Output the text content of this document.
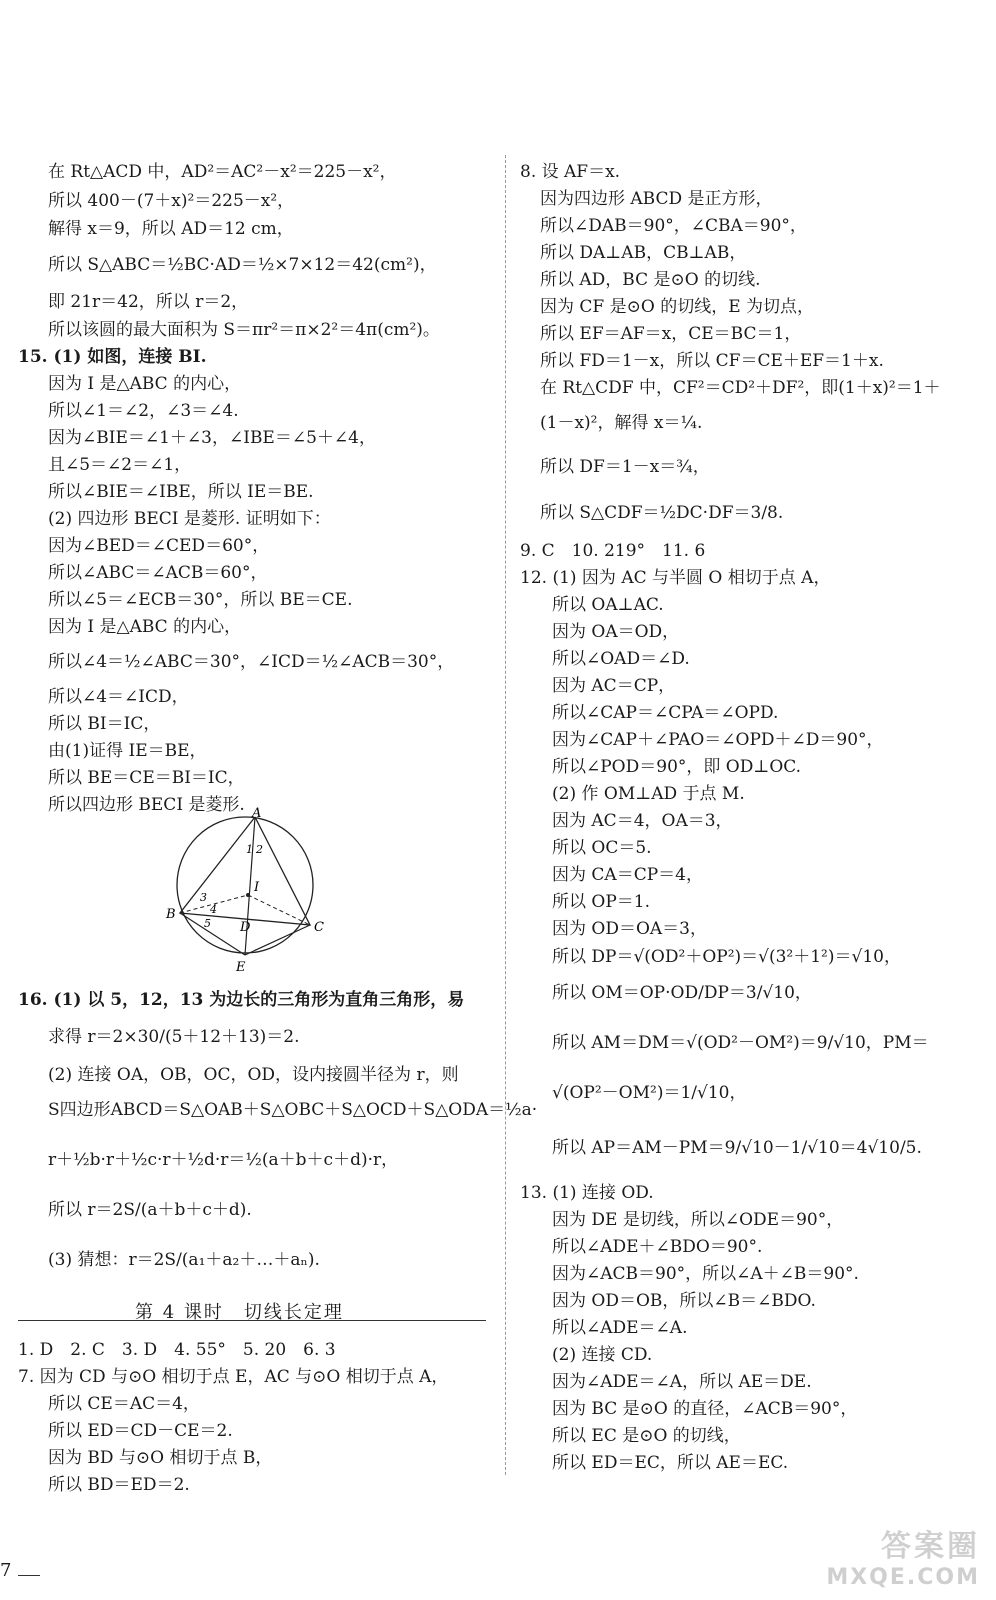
在 Rt△ACD 中，AD²＝AC²－x²＝225－x²，
所以 400－(7＋x)²＝225－x²，
解得 x＝9，所以 AD＝12 cm，
所以 S△ABC＝½BC·AD＝½×7×12＝42(cm²)，
即 21r＝42，所以 r＝2，
所以该圆的最大面积为 S＝πr²＝π×2²＝4π(cm²)。
15. (1) 如图，连接 BI.
因为 I 是△ABC 的内心，
所以∠1＝∠2，∠3＝∠4.
因为∠BIE＝∠1＋∠3，∠IBE＝∠5＋∠4，
且∠5＝∠2＝∠1，
所以∠BIE＝∠IBE，所以 IE＝BE.
(2) 四边形 BECI 是菱形. 证明如下：
因为∠BED＝∠CED＝60°，
所以∠ABC＝∠ACB＝60°，
所以∠5＝∠ECB＝30°，所以 BE＝CE.
因为 I 是△ABC 的内心，
所以∠4＝½∠ABC＝30°，∠ICD＝½∠ACB＝30°，
所以∠4＝∠ICD，
所以 BI＝IC，
由(1)证得 IE＝BE，
所以 BE＝CE＝BI＝IC，
所以四边形 BECI 是菱形. A
B
C
D
E
I
1 2
3
4
5
16. (1) 以 5，12，13 为边长的三角形为直角三角形，易
求得 r＝2×30/(5＋12＋13)＝2.
(2) 连接 OA，OB，OC，OD，设内接圆半径为 r，则
S四边形ABCD＝S△OAB＋S△OBC＋S△OCD＋S△ODA＝½a·
r＋½b·r＋½c·r＋½d·r＝½(a＋b＋c＋d)·r，
所以 r＝2S/(a＋b＋c＋d).
(3) 猜想：r＝2S/(a₁＋a₂＋…＋aₙ).
1. D　2. C　3. D　4. 55°　5. 20　6. 3
7. 因为 CD 与⊙O 相切于点 E，AC 与⊙O 相切于点 A，
所以 CE＝AC＝4，
所以 ED＝CD－CE＝2.
因为 BD 与⊙O 相切于点 B，
所以 BD＝ED＝2.
第 4 课时　切线长定理
8. 设 AF＝x.
因为四边形 ABCD 是正方形，
所以∠DAB＝90°，∠CBA＝90°，
所以 DA⊥AB，CB⊥AB，
所以 AD，BC 是⊙O 的切线.
因为 CF 是⊙O 的切线，E 为切点，
所以 EF＝AF＝x，CE＝BC＝1，
所以 FD＝1－x，所以 CF＝CE＋EF＝1＋x.
在 Rt△CDF 中，CF²＝CD²＋DF²，即(1＋x)²＝1＋
(1－x)²，解得 x＝¼.
所以 DF＝1－x＝¾，
所以 S△CDF＝½DC·DF＝3/8.
9. C　10. 219°　11. 6
12. (1) 因为 AC 与半圆 O 相切于点 A，
所以 OA⊥AC.
因为 OA＝OD，
所以∠OAD＝∠D.
因为 AC＝CP，
所以∠CAP＝∠CPA＝∠OPD.
因为∠CAP＋∠PAO＝∠OPD＋∠D＝90°，
所以∠POD＝90°，即 OD⊥OC.
(2) 作 OM⊥AD 于点 M.
因为 AC＝4，OA＝3，
所以 OC＝5.
因为 CA＝CP＝4，
所以 OP＝1.
因为 OD＝OA＝3，
所以 DP＝√(OD²＋OP²)＝√(3²＋1²)＝√10，
所以 OM＝OP·OD/DP＝3/√10，
所以 AM＝DM＝√(OD²－OM²)＝9/√10，PM＝
√(OP²－OM²)＝1/√10，
所以 AP＝AM－PM＝9/√10－1/√10＝4√10/5.
13. (1) 连接 OD.
因为 DE 是切线，所以∠ODE＝90°，
所以∠ADE＋∠BDO＝90°.
因为∠ACB＝90°，所以∠A＋∠B＝90°.
因为 OD＝OB，所以∠B＝∠BDO.
所以∠ADE＝∠A.
(2) 连接 CD.
因为∠ADE＝∠A，所以 AE＝DE.
因为 BC 是⊙O 的直径，∠ACB＝90°，
所以 EC 是⊙O 的切线，
所以 ED＝EC，所以 AE＝EC.
7
答案圈
MXQE.COM
